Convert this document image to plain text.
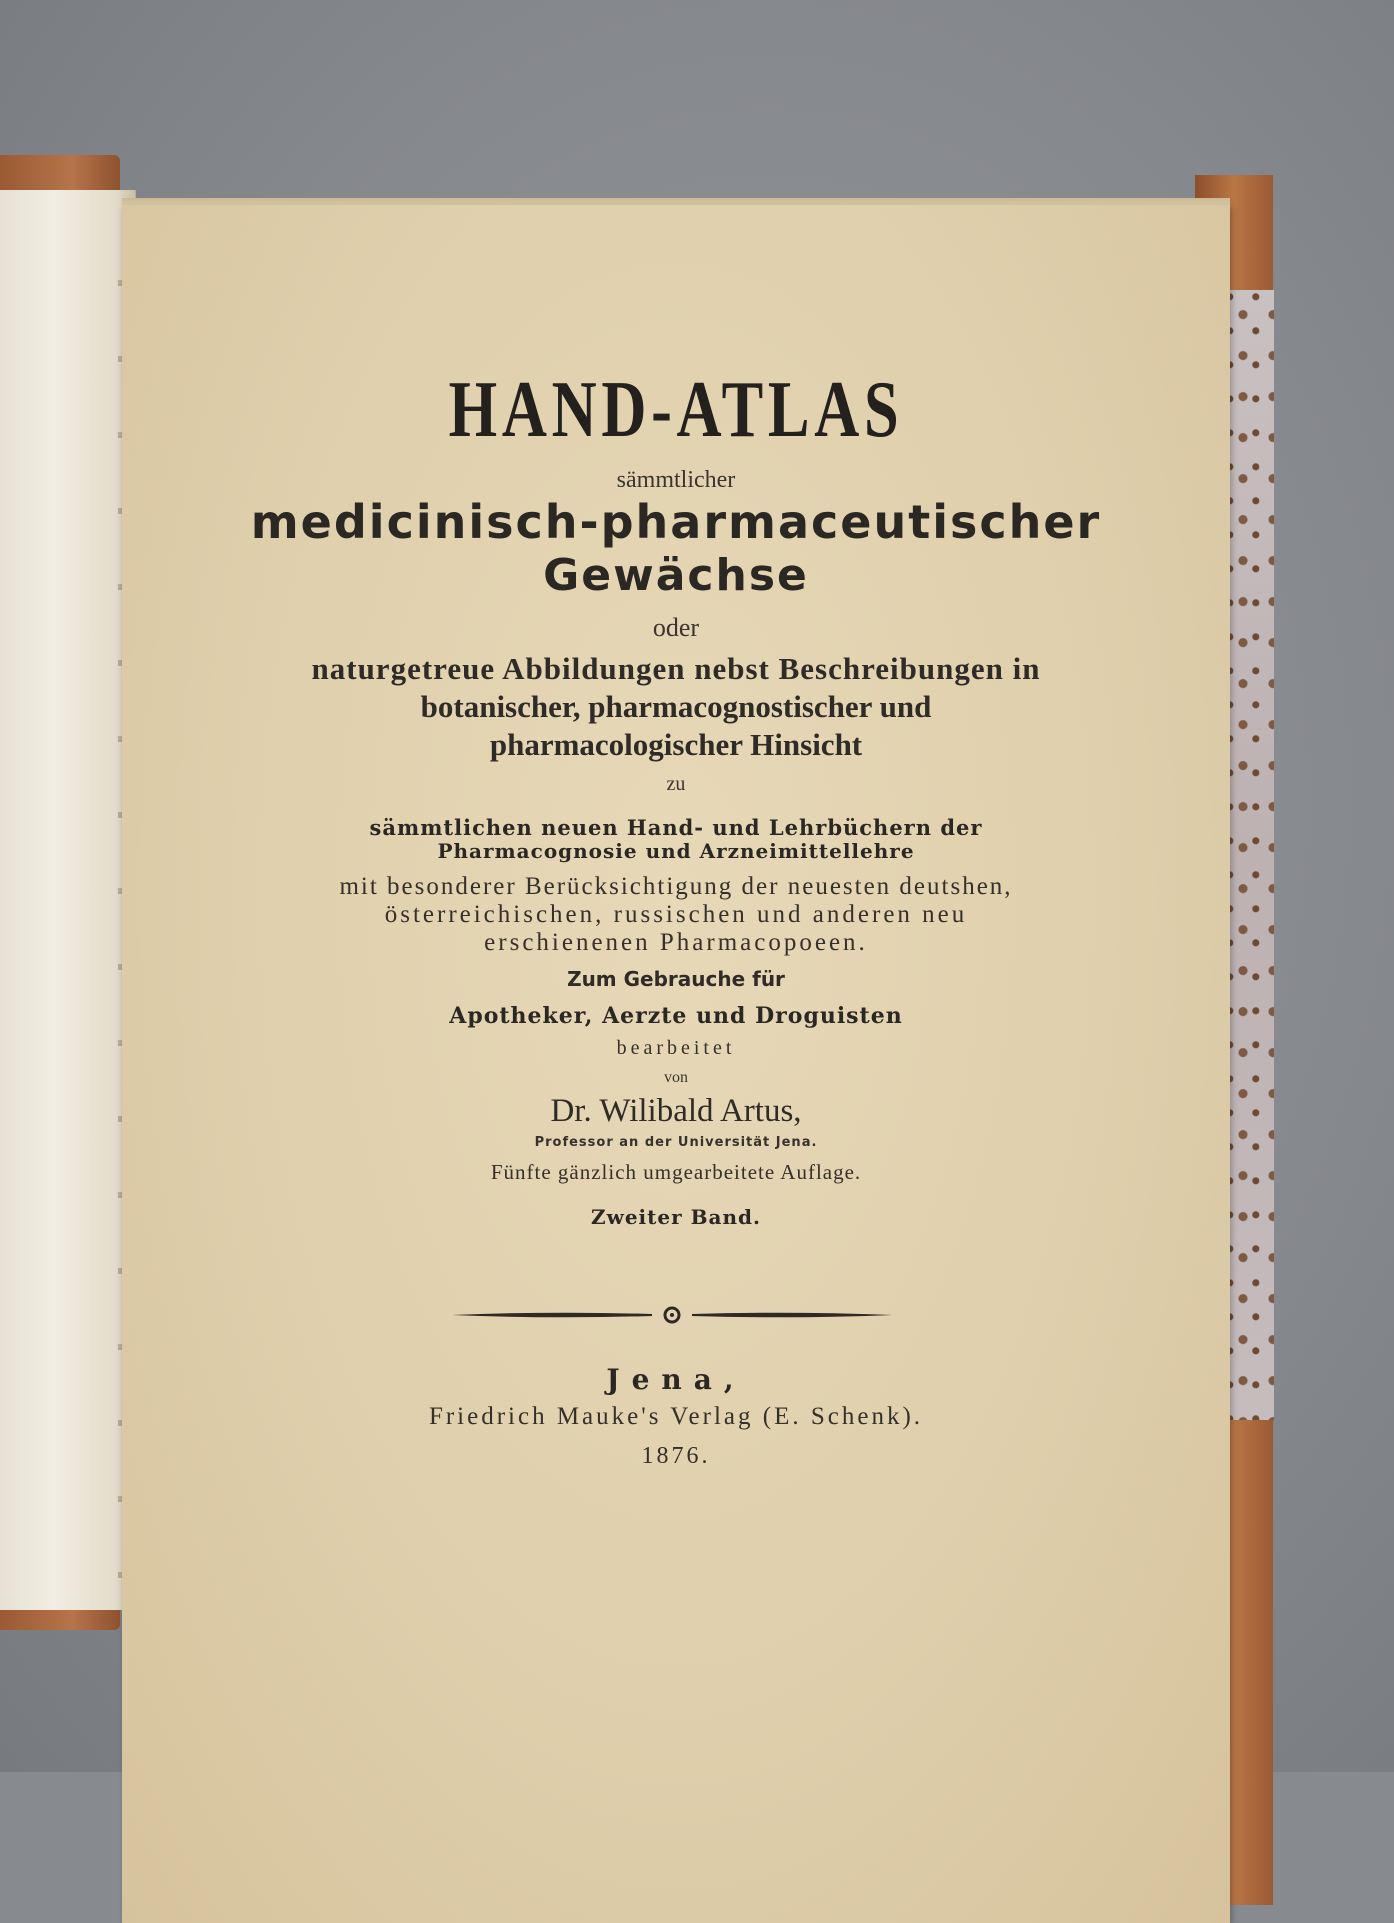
HAND-ATLAS
sämmtlicher
medicinisch-pharmaceutischer
Gewächse
oder
naturgetreue Abbildungen nebst Beschreibungen in
botanischer, pharmacognostischer und
pharmacologischer Hinsicht
zu
sämmtlichen neuen Hand- und Lehrbüchern der
Pharmacognosie und Arzneimittellehre
mit besonderer Berücksichtigung der neuesten deutshen,
österreichischen, russischen und anderen neu
erschienenen Pharmacopoeen.
Zum Gebrauche für
Apotheker, Aerzte und Droguisten
bearbeitet
von
Dr. Wilibald Artus,
Professor an der Universität Jena.
Fünfte gänzlich umgearbeitete Auflage.
Zweiter Band.
Jena,
Friedrich Mauke's Verlag (E. Schenk).
1876.
